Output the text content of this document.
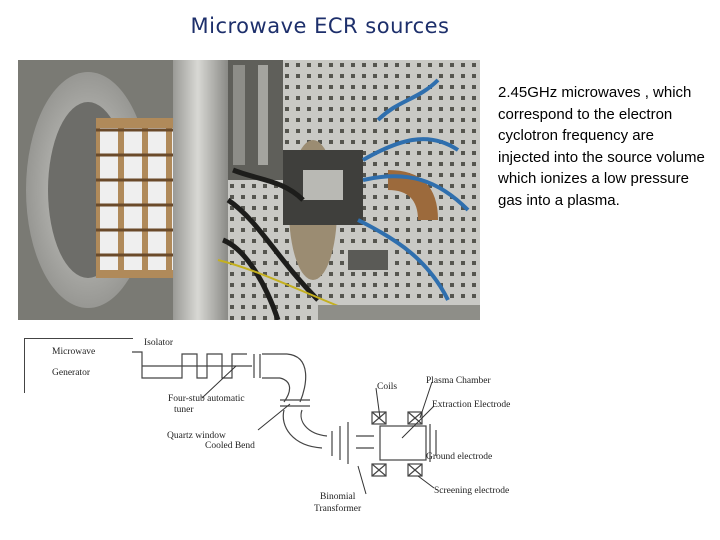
Microwave ECR sources
2.45GHz microwaves , which correspond to the electron cyclotron frequency are injected into the source volume which ionizes a low pressure gas into a plasma.
Microwave
Generator
Isolator
Four-stub automatic
tuner
Quartz window
Cooled Bend
Coils
Plasma Chamber
Extraction Electrode
Ground electrode
Screening electrode
Binomial
Transformer
